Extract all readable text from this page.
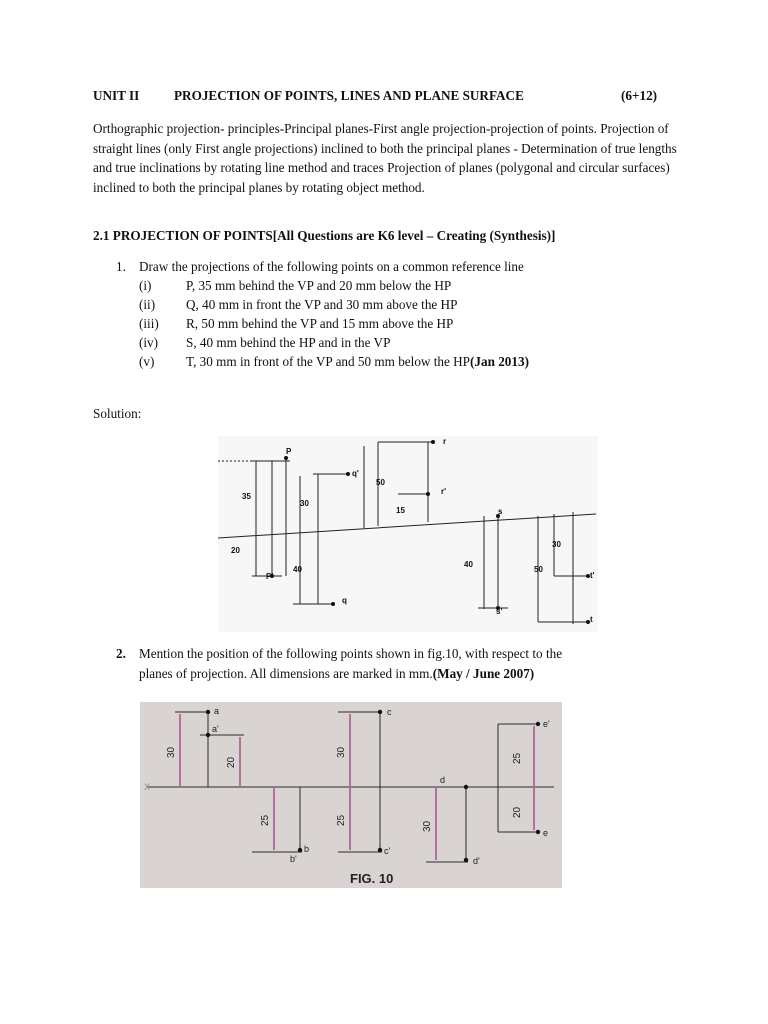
UNIT II	PROJECTION OF POINTS, LINES AND PLANE SURFACE	(6+12)
Orthographic projection- principles-Principal planes-First angle projection-projection of points. Projection of straight lines (only First angle projections) inclined to both the principal planes - Determination of true lengths and true inclinations by rotating line method and traces Projection of planes (polygonal and circular surfaces) inclined to both the principal planes by rotating object method.
2.1 PROJECTION OF POINTS[All Questions are K6 level – Creating (Synthesis)]
1. Draw the projections of the following points on a common reference line
(i)	P, 35 mm behind the VP and 20 mm below the HP
(ii) Q, 40 mm in front the VP and 30 mm above the HP
(iii) R, 50 mm behind the VP and 15 mm above the HP
(iv) S, 40 mm behind the HP and in the VP
(v) T, 30 mm in front of the VP and 50 mm below the HP(Jan 2013)
Solution:
P
P'
q'
q
r
r'
s
s'
t'
t
35
20
30
40
50
15
40
50
30
2. Mention the position of the following points shown in fig.10, with respect to the
planes of projection. All dimensions are marked in mm.(May / June 2007)
X
a
a'
b
b'
c
c'
d
d'
e'
e
30
20
25
30
25
30
25
20
FIG. 10
